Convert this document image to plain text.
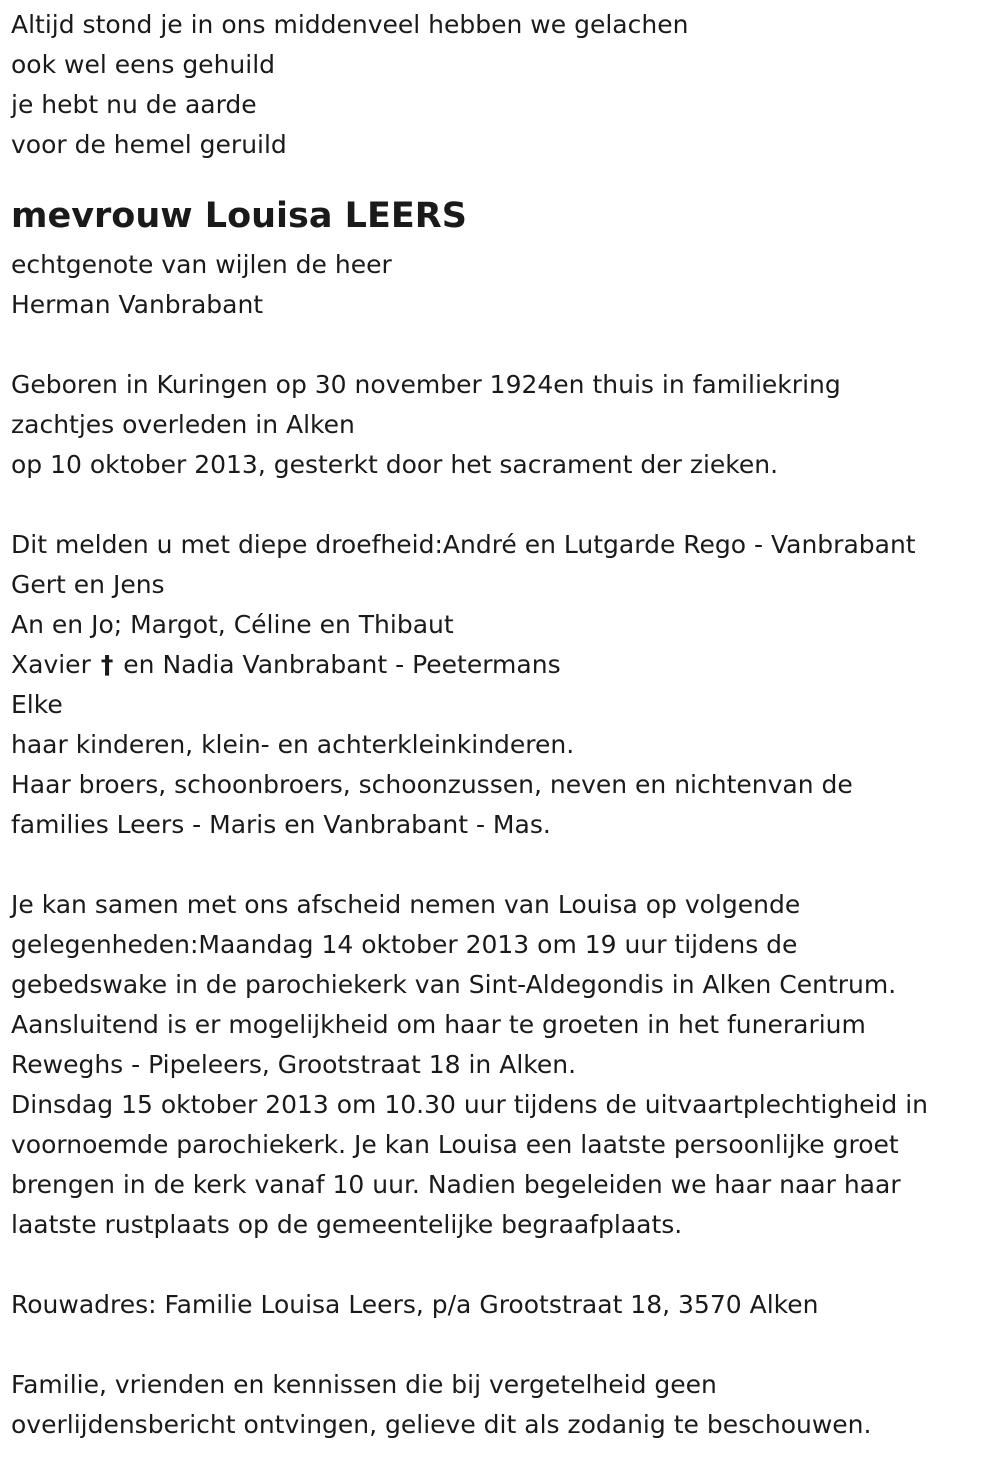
Altijd stond je in ons middenveel hebben we gelachen
ook wel eens gehuild
je hebt nu de aarde
voor de hemel geruild
mevrouw Louisa LEERS
echtgenote van wijlen de heer
Herman Vanbrabant
Geboren in Kuringen op 30 november 1924en thuis in familiekring
zachtjes overleden in Alken
op 10 oktober 2013, gesterkt door het sacrament der zieken.
Dit melden u met diepe droefheid:André en Lutgarde Rego - Vanbrabant
Gert en Jens
An en Jo; Margot, Céline en Thibaut
Xavier † en Nadia Vanbrabant - Peetermans
Elke
haar kinderen, klein- en achterkleinkinderen.
Haar broers, schoonbroers, schoonzussen, neven en nichtenvan de
families Leers - Maris en Vanbrabant - Mas.
Je kan samen met ons afscheid nemen van Louisa op volgende
gelegenheden:Maandag 14 oktober 2013 om 19 uur tijdens de
gebedswake in de parochiekerk van Sint-Aldegondis in Alken Centrum.
Aansluitend is er mogelijkheid om haar te groeten in het funerarium
Reweghs - Pipeleers, Grootstraat 18 in Alken.
Dinsdag 15 oktober 2013 om 10.30 uur tijdens de uitvaartplechtigheid in
voornoemde parochiekerk. Je kan Louisa een laatste persoonlijke groet
brengen in de kerk vanaf 10 uur. Nadien begeleiden we haar naar haar
laatste rustplaats op de gemeentelijke begraafplaats.
Rouwadres: Familie Louisa Leers, p/a Grootstraat 18, 3570 Alken
Familie, vrienden en kennissen die bij vergetelheid geen
overlijdensbericht ontvingen, gelieve dit als zodanig te beschouwen.
